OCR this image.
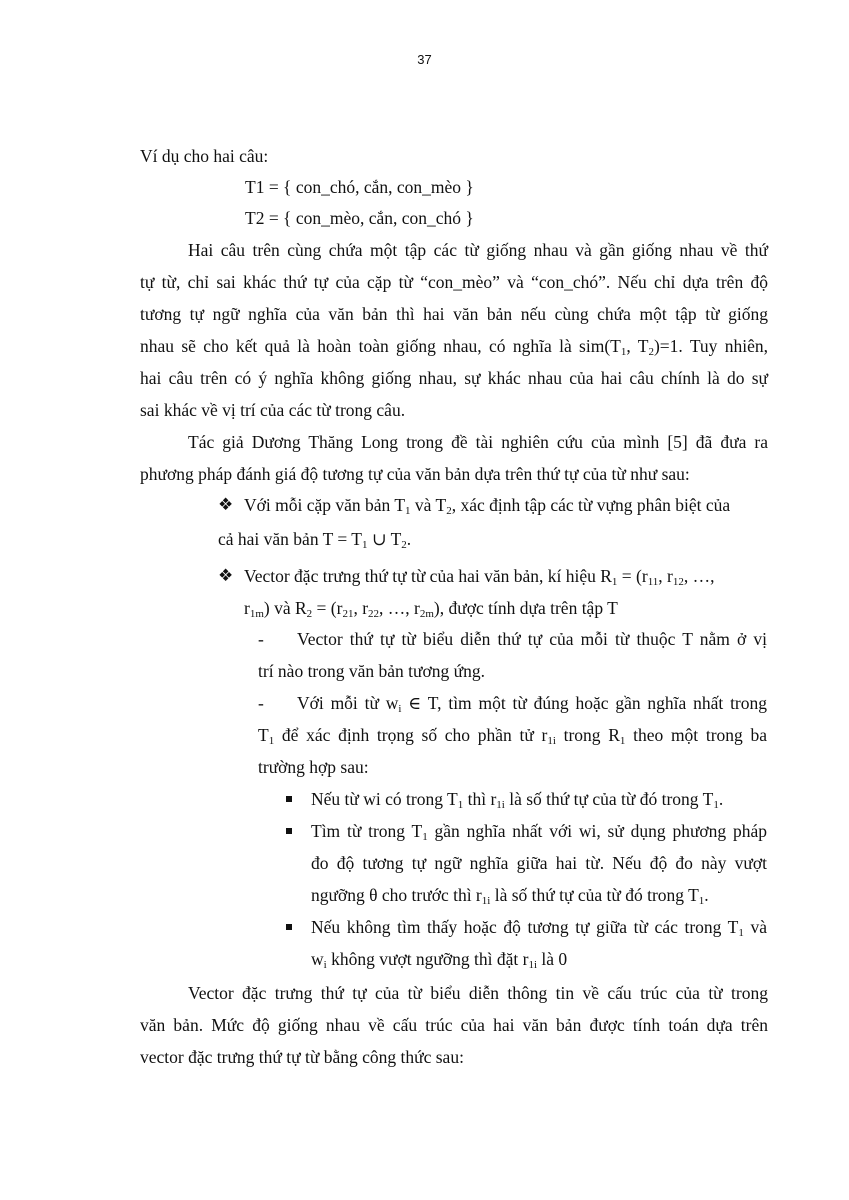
37
Ví dụ cho hai câu:
T1 = { con_chó, cắn, con_mèo }
T2 = { con_mèo, cắn, con_chó }
Hai câu trên cùng chứa một tập các từ giống nhau và gần giống nhau về thứ
tự từ, chỉ sai khác thứ tự của cặp từ “con_mèo” và “con_chó”. Nếu chỉ dựa trên độ
tương tự ngữ nghĩa của văn bản thì hai văn bản nếu cùng chứa một tập từ giống
nhau sẽ cho kết quả là hoàn toàn giống nhau, có nghĩa là $sim(T_1$, $T_2)=1$. Tuy nhiên,
hai câu trên có ý nghĩa không giống nhau, sự khác nhau của hai câu chính là do sự
sai khác về vị trí của các từ trong câu.
Tác giả Dương Thăng Long trong đề tài nghiên cứu của mình [5] đã đưa ra
phương pháp đánh giá độ tương tự của văn bản dựa trên thứ tự của từ như sau:
❖ Với mỗi cặp văn bản $T_1$ và $T_2$, xác định tập các từ vựng phân biệt của
cả hai văn bản $T = T_1$ ∪ $T_2$.
❖ Vector đặc trưng thứ tự từ của hai văn bản, kí hiệu $R_1 = (r_{11}$, $r_{12}$, …,
$r_{1m}$) và $R_2 = (r_{21}$, $r_{22}$, …, $r_{2m}$), được tính dựa trên tập T
- Vector thứ tự từ biểu diễn thứ tự của mỗi từ thuộc T nằm ở vị
trí nào trong văn bản tương ứng.
- Với mỗi từ $w_i$ ∈ T, tìm một từ đúng hoặc gần nghĩa nhất trong
$T_1$ để xác định trọng số cho phần tử $r_{1i}$ trong $R_1$ theo một trong ba
trường hợp sau:
Nếu từ wi có trong $T_1$ thì $r_{1i}$ là số thứ tự của từ đó trong $T_1$.
Tìm từ trong $T_1$ gần nghĩa nhất với wi, sử dụng phương pháp
đo độ tương tự ngữ nghĩa giữa hai từ. Nếu độ đo này vượt
ngưỡng θ cho trước thì $r_{1i}$ là số thứ tự của từ đó trong $T_1$.
Nếu không tìm thấy hoặc độ tương tự giữa từ các trong $T_1$ và
$w_i$ không vượt ngưỡng thì đặt $r_{1i}$ là 0
Vector đặc trưng thứ tự của từ biểu diễn thông tin về cấu trúc của từ trong
văn bản. Mức độ giống nhau về cấu trúc của hai văn bản được tính toán dựa trên
vector đặc trưng thứ tự từ bằng công thức sau:
